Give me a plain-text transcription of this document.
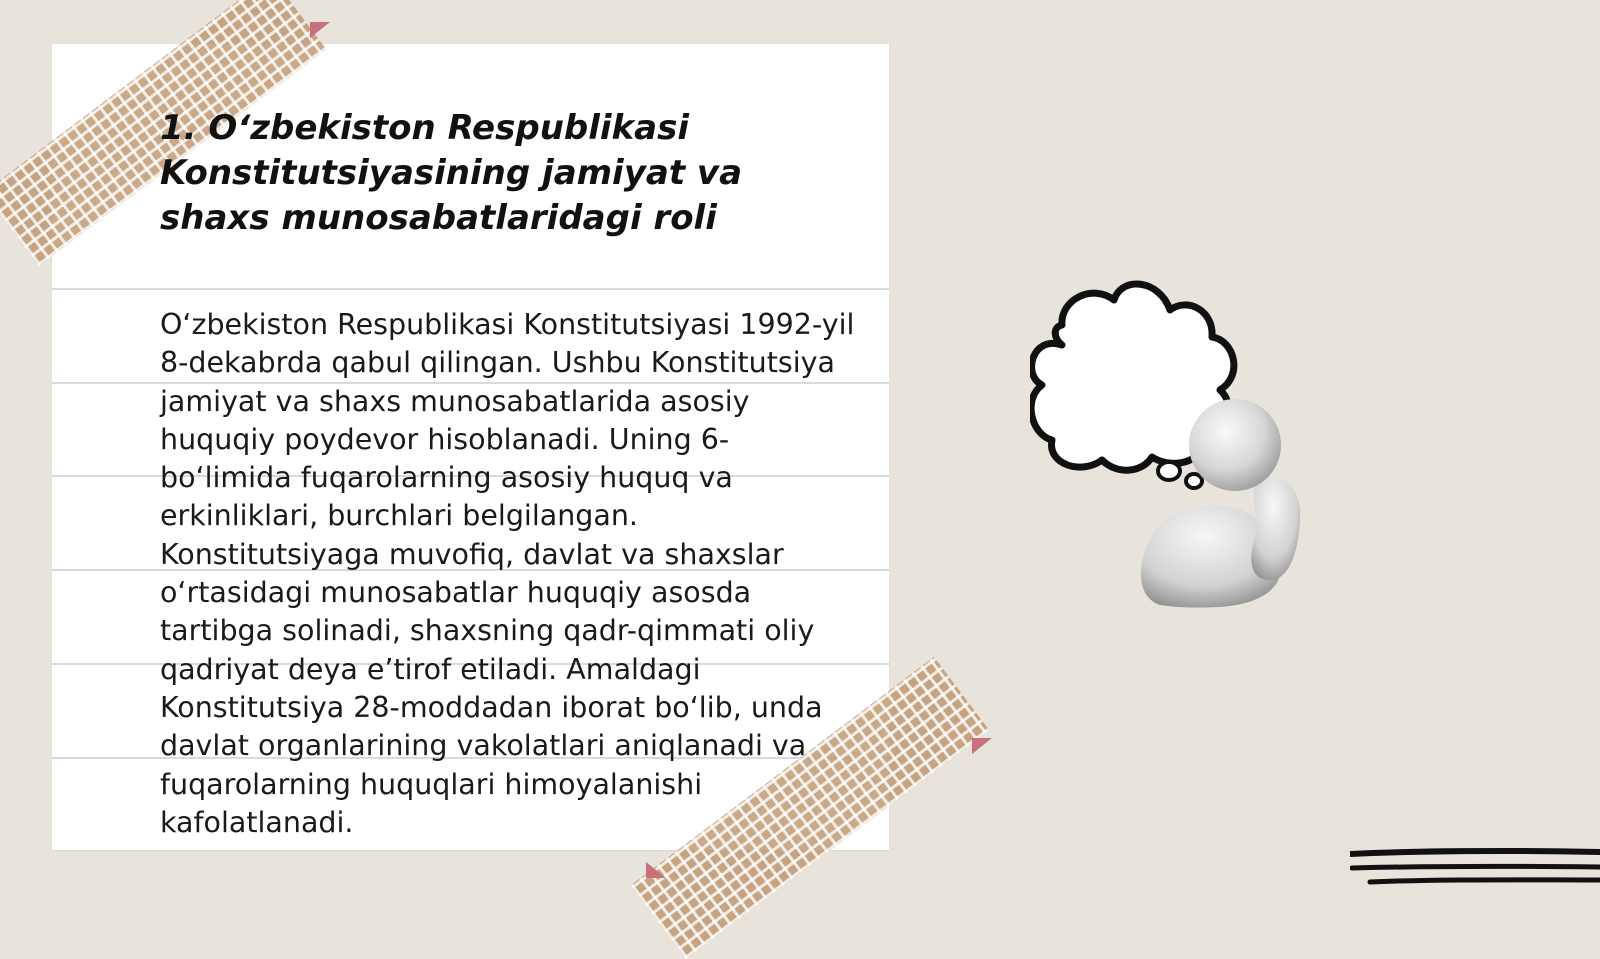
1. O‘zbekiston Respublikasi Konstitutsiyasining jamiyat va shaxs munosabatlaridagi roli

O‘zbekiston Respublikasi Konstitutsiyasi 1992-yil 8-dekabrda qabul qilingan. Ushbu Konstitutsiya jamiyat va shaxs munosabatlarida asosiy huquqiy poydevor hisoblanadi. Uning 6-bo‘limida fuqarolarning asosiy huquq va erkinliklari, burchlari belgilangan. Konstitutsiyaga muvofiq, davlat va shaxslar o‘rtasidagi munosabatlar huquqiy asosda tartibga solinadi, shaxsning qadr-qimmati oliy qadriyat deya e’tirof etiladi. Amaldagi Konstitutsiya 28-moddadan iborat bo‘lib, unda davlat organlarining vakolatlari aniqlanadi va fuqarolarning huquqlari himoyalanishi kafolatlanadi.
